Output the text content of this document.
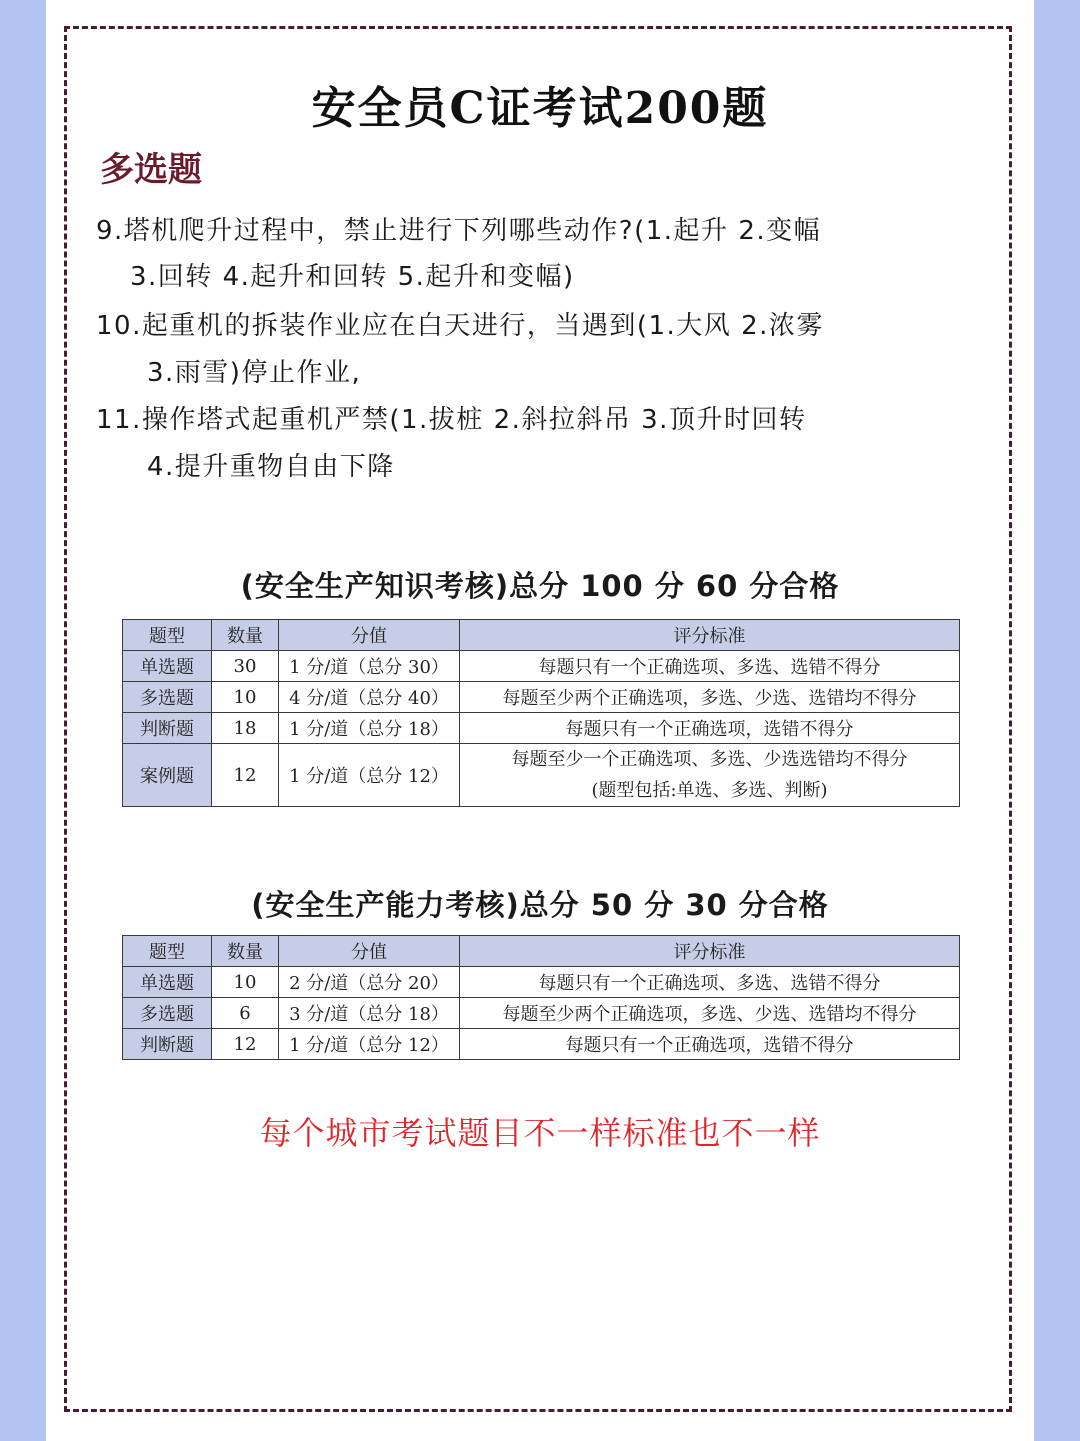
安全员C证考试200题
多选题
9.塔机爬升过程中，禁止进行下列哪些动作?(1.起升 2.变幅
3.回转 4.起升和回转 5.起升和变幅)
10.起重机的拆装作业应在白天进行，当遇到(1.大风 2.浓雾
3.雨雪)停止作业,
11.操作塔式起重机严禁(1.拔桩 2.斜拉斜吊 3.顶升时回转
4.提升重物自由下降
(安全生产知识考核)总分 100 分 60 分合格
题型	数量	分值	评分标准
单选题	30	1 分/道（总分 30）	每题只有一个正确选项、多选、选错不得分
多选题	10	4 分/道（总分 40）	每题至少两个正确选项，多选、少选、选错均不得分
判断题	18	1 分/道（总分 18）	每题只有一个正确选项，选错不得分
案例题	12	1 分/道（总分 12）	每题至少一个正确选项、多选、少选选错均不得分
(题型包括:单选、多选、判断)
(安全生产能力考核)总分 50 分 30 分合格
题型	数量	分值	评分标准
单选题	10	2 分/道（总分 20）	每题只有一个正确选项、多选、选错不得分
多选题	6	3 分/道（总分 18）	每题至少两个正确选项，多选、少选、选错均不得分
判断题	12	1 分/道（总分 12）	每题只有一个正确选项，选错不得分
每个城市考试题目不一样标准也不一样
